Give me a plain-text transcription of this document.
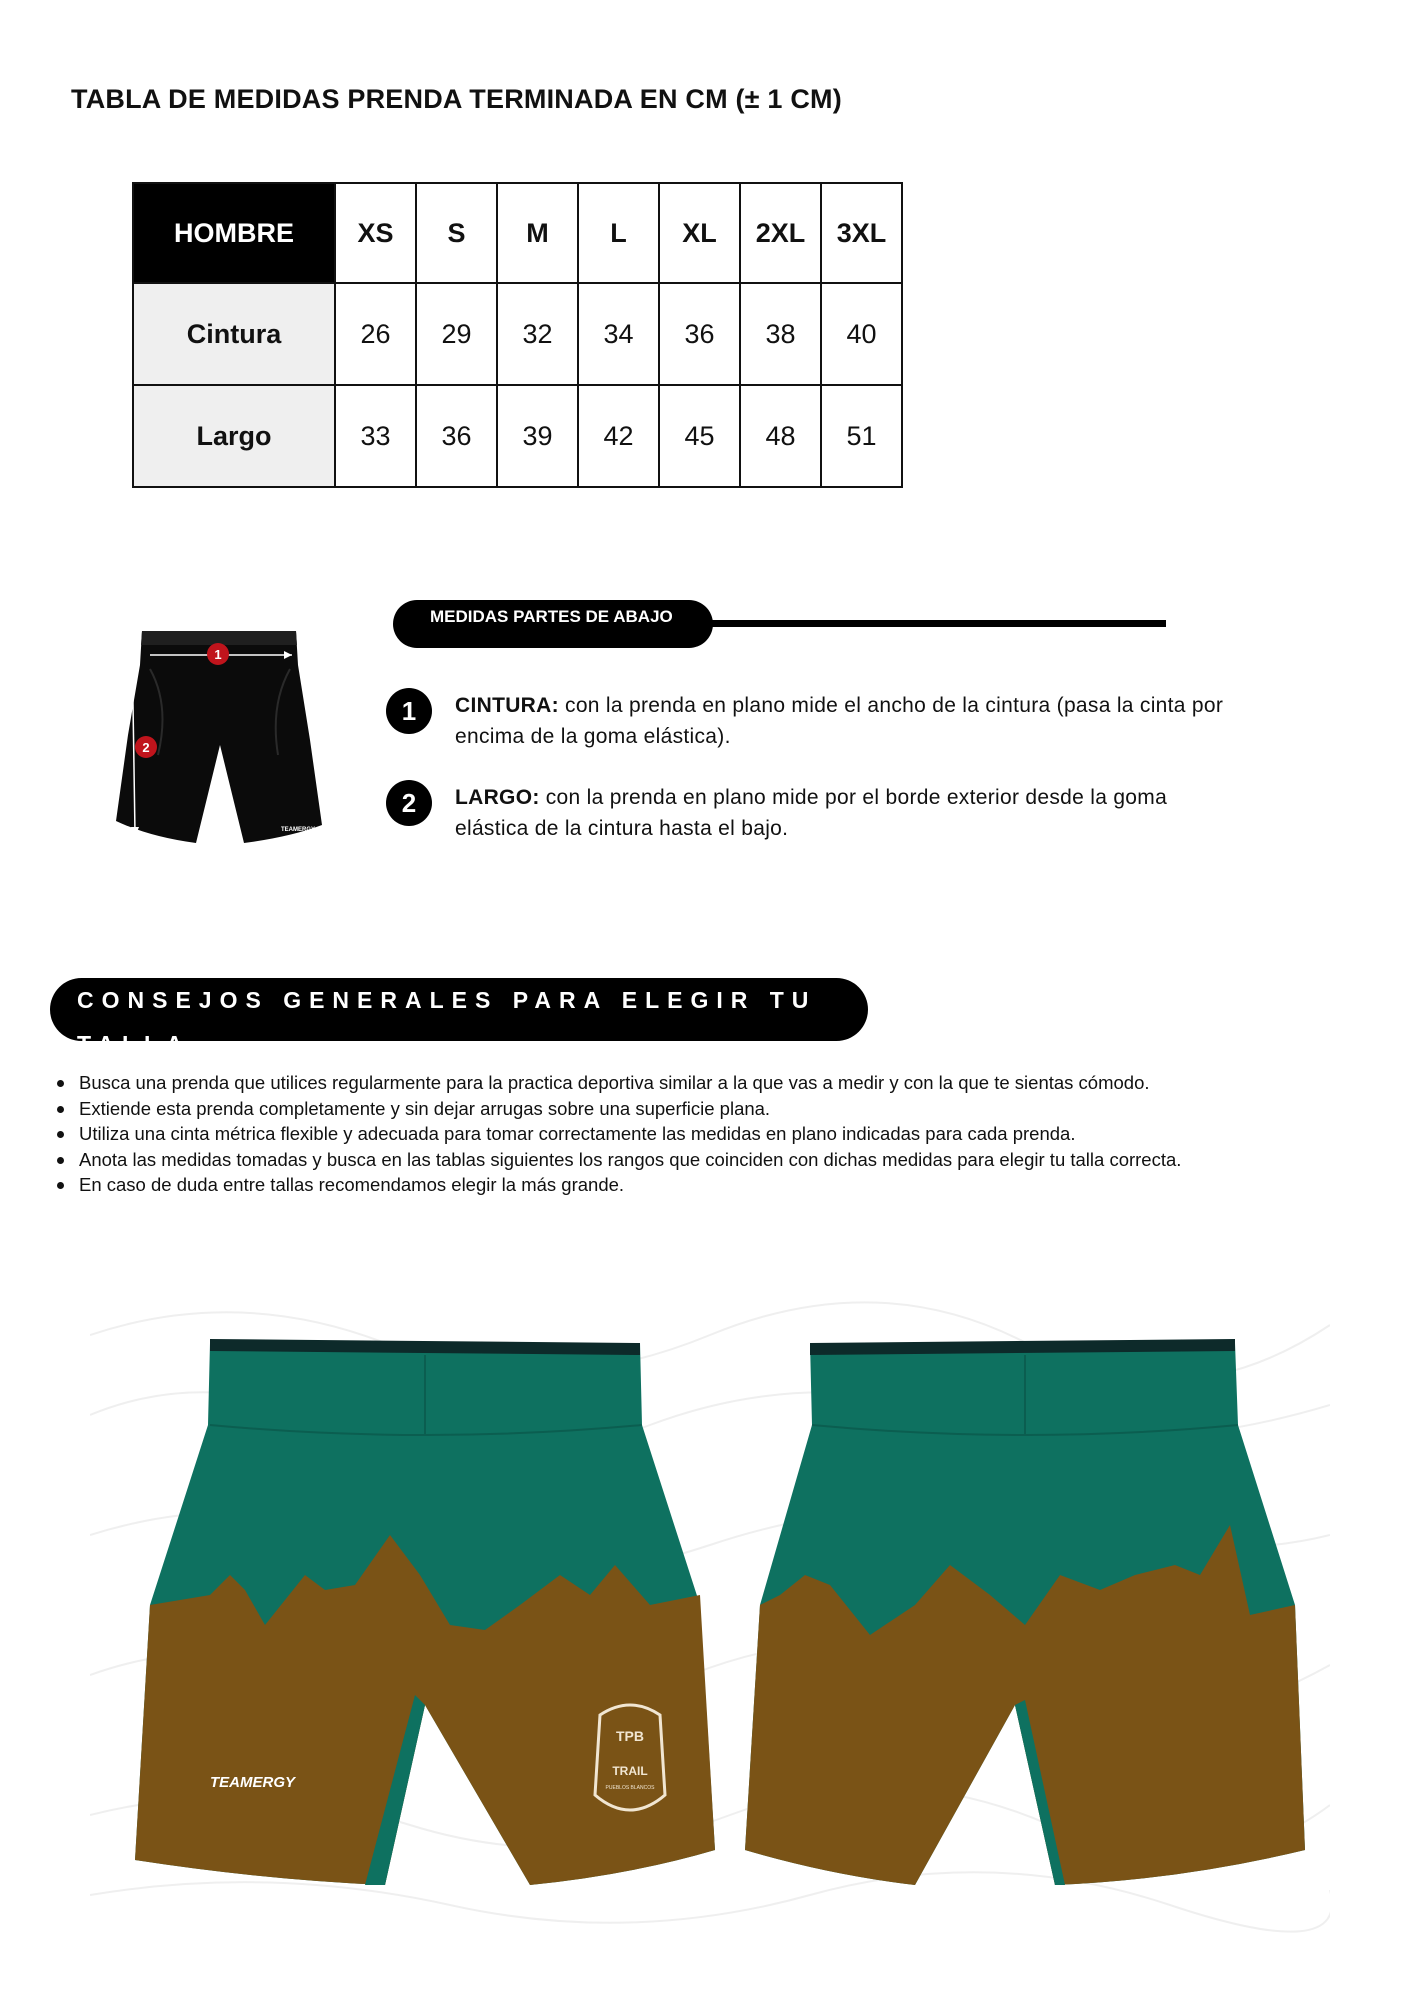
TABLA DE MEDIDAS PRENDA TERMINADA EN CM (± 1 CM)
HOMBRE	XS	S	M	L	XL	2XL	3XL
Cintura	26	29	32	34	36	38	40
Largo	33	36	39	42	45	48	51
1
2
TEAMERGY
MEDIDAS PARTES DE ABAJO
1	CINTURA: con la prenda en plano mide el ancho de la cintura (pasa la cinta por encima de la goma elástica).
2	LARGO: con la prenda en plano mide por el borde exterior desde la goma elástica de la cintura hasta el bajo.
CONSEJOS GENERALES PARA ELEGIR TU TALLA
Busca una prenda que utilices regularmente para la practica deportiva similar a la que vas a medir y con la que te sientas cómodo.
Extiende esta prenda completamente y sin dejar arrugas sobre una superficie plana.
Utiliza una cinta métrica flexible y adecuada para tomar correctamente las medidas en plano indicadas para cada prenda.
Anota las medidas tomadas y busca en las tablas siguientes los rangos que coinciden con dichas medidas para elegir tu talla correcta.
En caso de duda entre tallas recomendamos elegir la más grande.
TEAMERGY
TPB
TRAIL
PUEBLOS BLANCOS
